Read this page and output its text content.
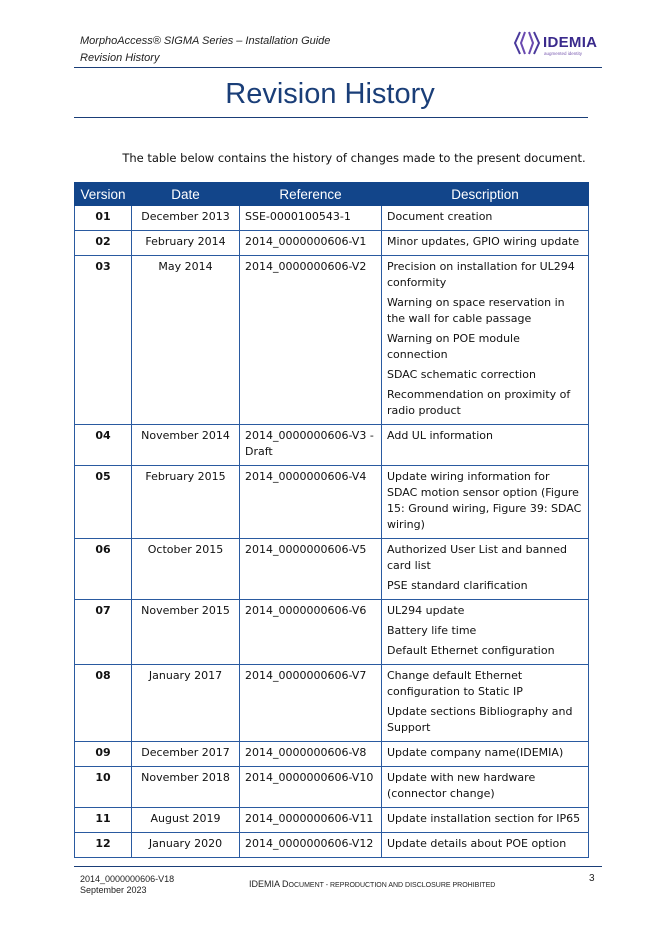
MorphoAccess® SIGMA Series – Installation Guide
Revision History
IDEMIA
augmented identity
Revision History
The table below contains the history of changes made to the present document.
Version	Date	Reference	Description
01	December 2013	SSE-0000100543-1	Document creation

02	February 2014	2014_0000000606-V1	Minor updates, GPIO wiring update

03	May 2014	2014_0000000606-V2	Precision on installation for UL294 conformity

Warning on space reservation in the wall for cable passage

Warning on POE module connection

SDAC schematic correction

Recommendation on proximity of radio product

04	November 2014	2014_0000000606-V3 - Draft	Add UL information

05	February 2015	2014_0000000606-V4	Update wiring information for SDAC motion sensor option (Figure 15: Ground wiring, Figure 39: SDAC wiring)

06	October 2015	2014_0000000606-V5	Authorized User List and banned card list

PSE standard clarification

07	November 2015	2014_0000000606-V6	UL294 update

Battery life time

Default Ethernet configuration

08	January 2017	2014_0000000606-V7	Change default Ethernet configuration to Static IP

Update sections Bibliography and Support

09	December 2017	2014_0000000606-V8	Update company name(IDEMIA)

10	November 2018	2014_0000000606-V10	Update with new hardware (connector change)

11	August 2019	2014_0000000606-V11	Update installation section for IP65

12	January 2020	2014_0000000606-V12	Update details about POE option

2014_0000000606-V18
September 2023
IDEMIA DOCUMENT - REPRODUCTION AND DISCLOSURE PROHIBITED
3
